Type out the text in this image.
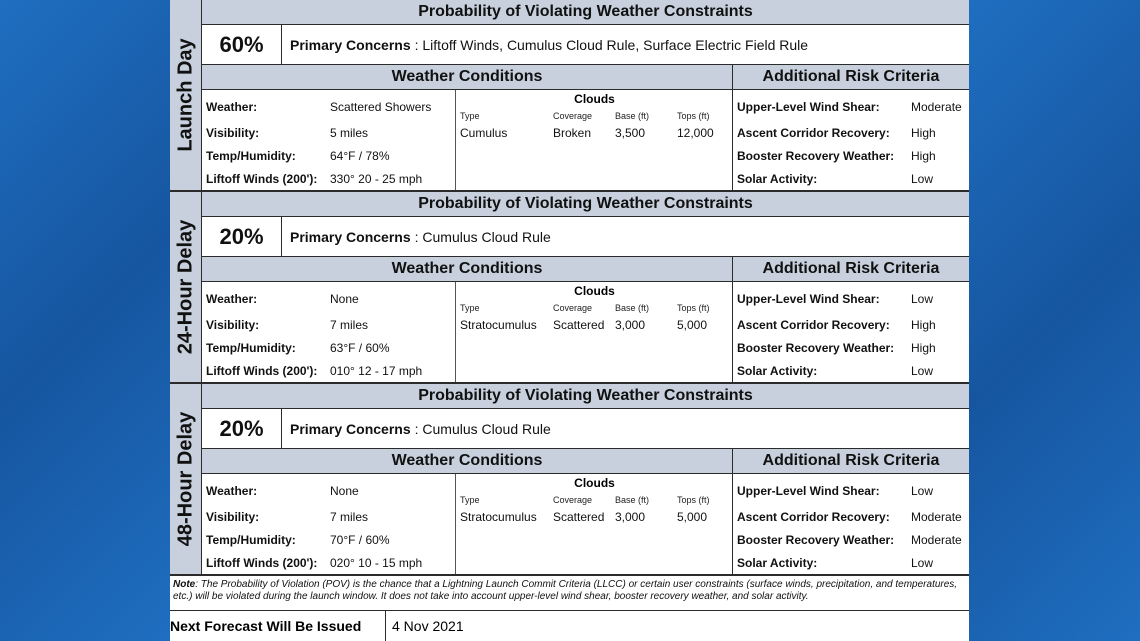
Launch Day
Probability of Violating Weather Constraints
60%	Primary Concerns : Liftoff Winds, Cumulus Cloud Rule, Surface Electric Field Rule
Weather Conditions	Additional Risk Criteria
Weather:	Scattered Showers
Visibility:	5 miles
Temp/Humidity:	64°F / 78%
Liftoff Winds (200'): 330° 20 - 25 mph
Clouds
Type	Coverage	Base (ft)	Tops (ft)
Cumulus	Broken 3,500	12,000
Upper-Level Wind Shear:	Moderate
Ascent Corridor Recovery: High
Booster Recovery Weather: High
Solar Activity:	Low
24-Hour Delay
Probability of Violating Weather Constraints
20%	Primary Concerns : Cumulus Cloud Rule
Weather Conditions	Additional Risk Criteria
Weather:	None
Visibility:	7 miles
Temp/Humidity:	63°F / 60%
Liftoff Winds (200'): 010° 12 - 17 mph
Clouds
Type	Coverage	Base (ft)	Tops (ft)
Stratocumulus Scattered 3,000	5,000
Upper-Level Wind Shear:	Low
Ascent Corridor Recovery: High
Booster Recovery Weather: High
Solar Activity:	Low
48-Hour Delay
Probability of Violating Weather Constraints
20%	Primary Concerns : Cumulus Cloud Rule
Weather Conditions	Additional Risk Criteria
Weather:	None
Visibility:	7 miles
Temp/Humidity:	70°F / 60%
Liftoff Winds (200'): 020° 10 - 15 mph
Clouds
Type	Coverage	Base (ft)	Tops (ft)
Stratocumulus Scattered 3,000	5,000
Upper-Level Wind Shear:	Low
Ascent Corridor Recovery: Moderate
Booster Recovery Weather: Moderate
Solar Activity:	Low
Note: The Probability of Violation (POV) is the chance that a Lightning Launch Commit Criteria (LLCC) or certain user constraints (surface winds, precipitation, and temperatures, etc.) will be violated during the launch window. It does not take into account upper-level wind shear, booster recovery weather, and solar activity.
Next Forecast Will Be Issued	4 Nov 2021
